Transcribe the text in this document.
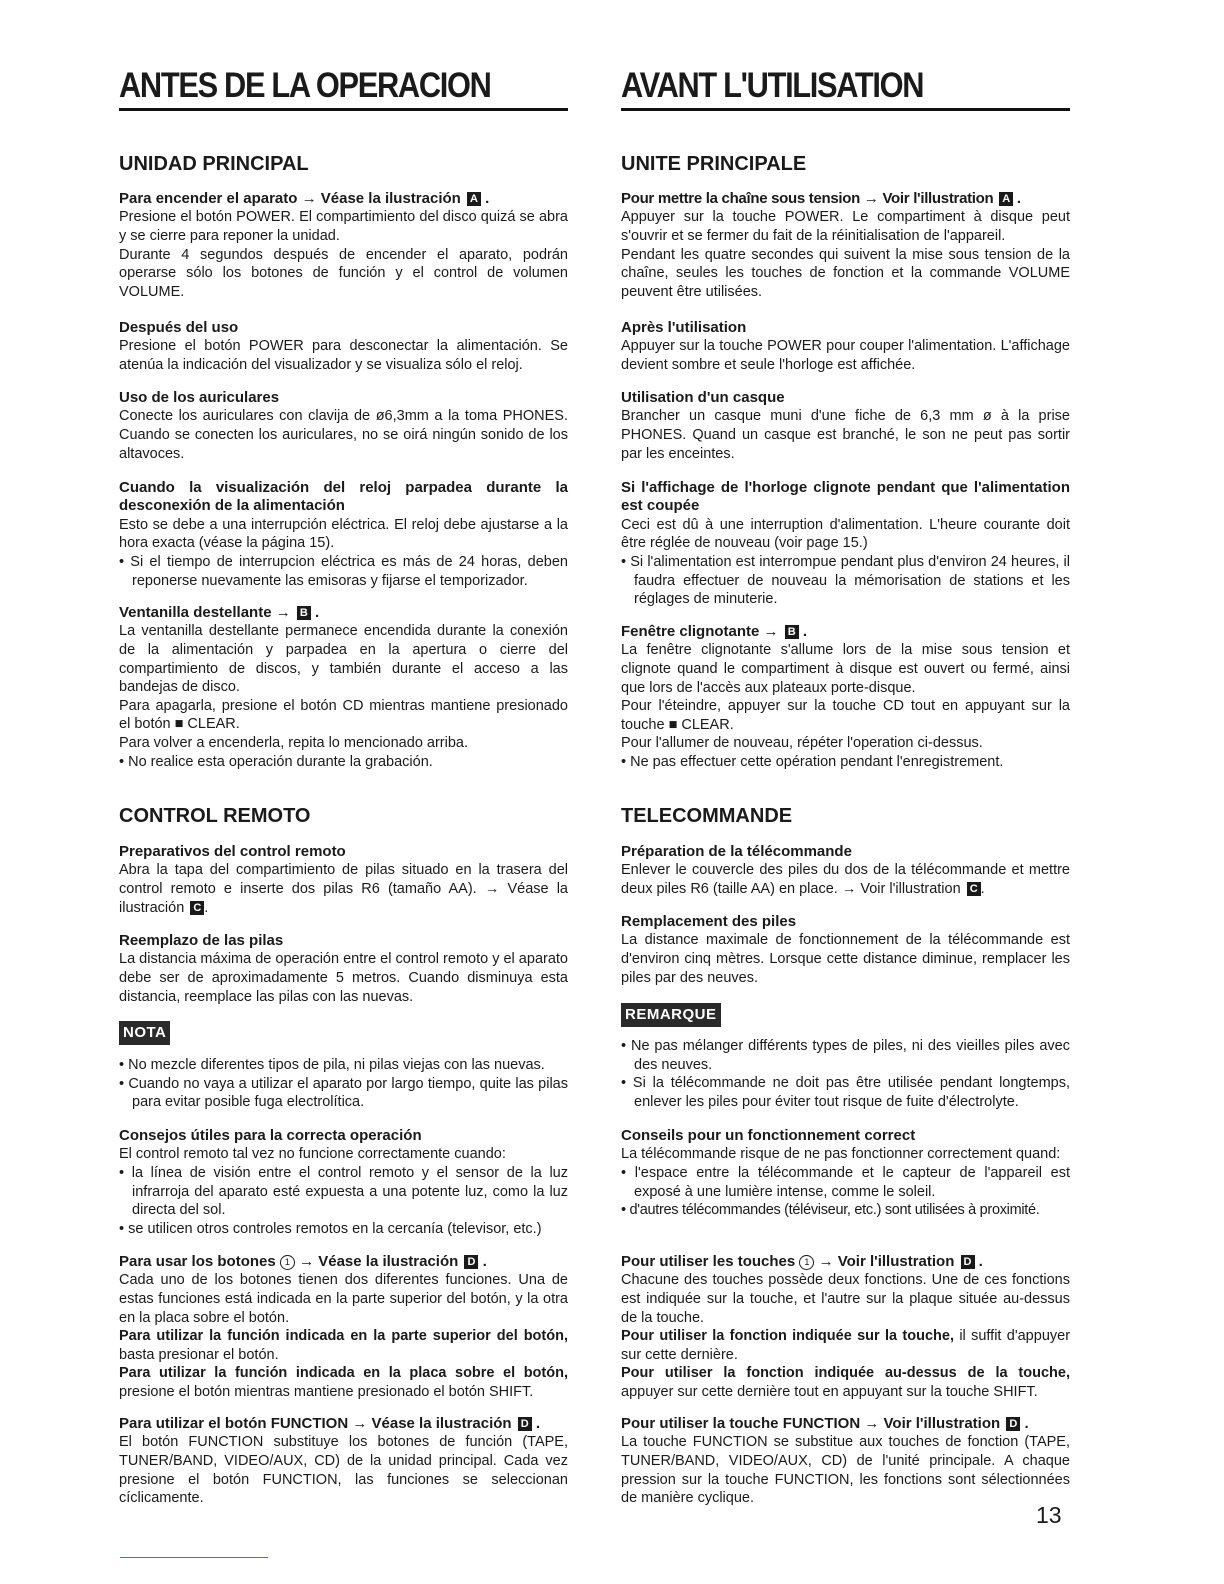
ANTES DE LA OPERACION
UNIDAD PRINCIPAL

Para encender el aparato → Véase la ilustración A .

Presione el botón POWER. El compartimiento del disco quizá se abra y se cierre para reponer la unidad.

Durante 4 segundos después de encender el aparato, podrán operarse sólo los botones de función y el control de volumen VOLUME.

Después del uso

Presione el botón POWER para desconectar la alimentación. Se atenúa la indicación del visualizador y se visualiza sólo el reloj.

Uso de los auriculares

Conecte los auriculares con clavija de ø6,3mm a la toma PHONES. Cuando se conecten los auriculares, no se oirá ningún sonido de los altavoces.

Cuando la visualización del reloj parpadea durante la desconexión de la alimentación

Esto se debe a una interrupción eléctrica. El reloj debe ajustarse a la hora exacta (véase la página 15).

• Si el tiempo de interrupcion eléctrica es más de 24 horas, deben reponerse nuevamente las emisoras y fijarse el temporizador.

Ventanilla destellante → B .

La ventanilla destellante permanece encendida durante la conexión de la alimentación y parpadea en la apertura o cierre del compartimiento de discos, y también durante el acceso a las bandejas de disco.

Para apagarla, presione el botón CD mientras mantiene presionado el botón ■ CLEAR.

Para volver a encenderla, repita lo mencionado arriba.

• No realice esta operación durante la grabación.

CONTROL REMOTO

Preparativos del control remoto

Abra la tapa del compartimiento de pilas situado en la trasera del control remoto e inserte dos pilas R6 (tamaño AA). → Véase la ilustración C .

Reemplazo de las pilas

La distancia máxima de operación entre el control remoto y el aparato debe ser de aproximadamente 5 metros. Cuando disminuya esta distancia, reemplace las pilas con las nuevas.

NOTA

• No mezcle diferentes tipos de pila, ni pilas viejas con las nuevas.

• Cuando no vaya a utilizar el aparato por largo tiempo, quite las pilas para evitar posible fuga electrolítica.

Consejos útiles para la correcta operación

El control remoto tal vez no funcione correctamente cuando:

• la línea de visión entre el control remoto y el sensor de la luz infrarroja del aparato esté expuesta a una potente luz, como la luz directa del sol.

• se utilicen otros controles remotos en la cercanía (televisor, etc.)

Para usar los botones 1 → Véase la ilustración D .

Cada uno de los botones tienen dos diferentes funciones. Una de estas funciones está indicada en la parte superior del botón, y la otra en la placa sobre el botón.

Para utilizar la función indicada en la parte superior del botón, basta presionar el botón.

Para utilizar la función indicada en la placa sobre el botón, presione el botón mientras mantiene presionado el botón SHIFT.

Para utilizar el botón FUNCTION → Véase la ilustración D .

El botón FUNCTION substituye los botones de función (TAPE, TUNER/BAND, VIDEO/AUX, CD) de la unidad principal. Cada vez presione el botón FUNCTION, las funciones se seleccionan cíclicamente.

AVANT L'UTILISATION
UNITE PRINCIPALE

Pour mettre la chaîne sous tension → Voir l'illustration A .

Appuyer sur la touche POWER. Le compartiment à disque peut s'ouvrir et se fermer du fait de la réinitialisation de l'appareil.

Pendant les quatre secondes qui suivent la mise sous tension de la chaîne, seules les touches de fonction et la commande VOLUME peuvent être utilisées.

Après l'utilisation

Appuyer sur la touche POWER pour couper l'alimentation. L'affichage devient sombre et seule l'horloge est affichée.

Utilisation d'un casque

Brancher un casque muni d'une fiche de 6,3 mm ø à la prise PHONES. Quand un casque est branché, le son ne peut pas sortir par les enceintes.

Si l'affichage de l'horloge clignote pendant que l'alimentation est coupée

Ceci est dû à une interruption d'alimentation. L'heure courante doit être réglée de nouveau (voir page 15.)

• Si l'alimentation est interrompue pendant plus d'environ 24 heures, il faudra effectuer de nouveau la mémorisation de stations et les réglages de minuterie.

Fenêtre clignotante → B .

La fenêtre clignotante s'allume lors de la mise sous tension et clignote quand le compartiment à disque est ouvert ou fermé, ainsi que lors de l'accès aux plateaux porte-disque.

Pour l'éteindre, appuyer sur la touche CD tout en appuyant sur la touche ■ CLEAR.

Pour l'allumer de nouveau, répéter l'operation ci-dessus.

• Ne pas effectuer cette opération pendant l'enregistrement.

TELECOMMANDE

Préparation de la télécommande

Enlever le couvercle des piles du dos de la télécommande et mettre deux piles R6 (taille AA) en place. → Voir l'illustration C .

Remplacement des piles

La distance maximale de fonctionnement de la télécommande est d'environ cinq mètres. Lorsque cette distance diminue, remplacer les piles par des neuves.

REMARQUE

• Ne pas mélanger différents types de piles, ni des vieilles piles avec des neuves.

• Si la télécommande ne doit pas être utilisée pendant longtemps, enlever les piles pour éviter tout risque de fuite d'électrolyte.

Conseils pour un fonctionnement correct

La télécommande risque de ne pas fonctionner correctement quand:

• l'espace entre la télécommande et le capteur de l'appareil est exposé à une lumière intense, comme le soleil.

• d'autres télécommandes (téléviseur, etc.) sont utilisées à proximité.

Pour utiliser les touches 1 → Voir l'illustration D .

Chacune des touches possède deux fonctions. Une de ces fonctions est indiquée sur la touche, et l'autre sur la plaque située au-dessus de la touche.

Pour utiliser la fonction indiquée sur la touche, il suffit d'appuyer sur cette dernière.

Pour utiliser la fonction indiquée au-dessus de la touche, appuyer sur cette dernière tout en appuyant sur la touche SHIFT.

Pour utiliser la touche FUNCTION → Voir l'illustration D .

La touche FUNCTION se substitue aux touches de fonction (TAPE, TUNER/BAND, VIDEO/AUX, CD) de l'unité principale. A chaque pression sur la touche FUNCTION, les fonctions sont sélectionnées de manière cyclique.

13
